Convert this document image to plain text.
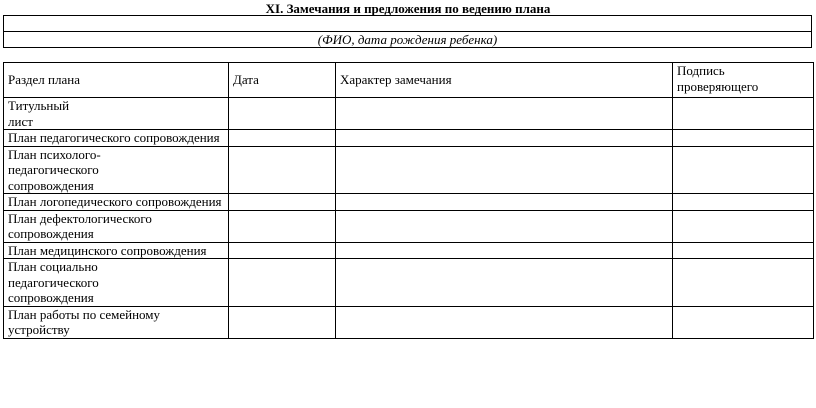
XI. Замечания и предложения по ведению плана

(ФИО, дата рождения ребенка)
Раздел плана	Дата	Характер замечания	Подпись проверяющего

Титульный лист			

План педагогического сопровождения			

План психолого-педагогического сопровождения			

План логопедического сопровождения			
План дефектологического сопровождения			
План медицинского сопровождения			

План социально педагогического сопровождения			

План работы по семейному устройству			
